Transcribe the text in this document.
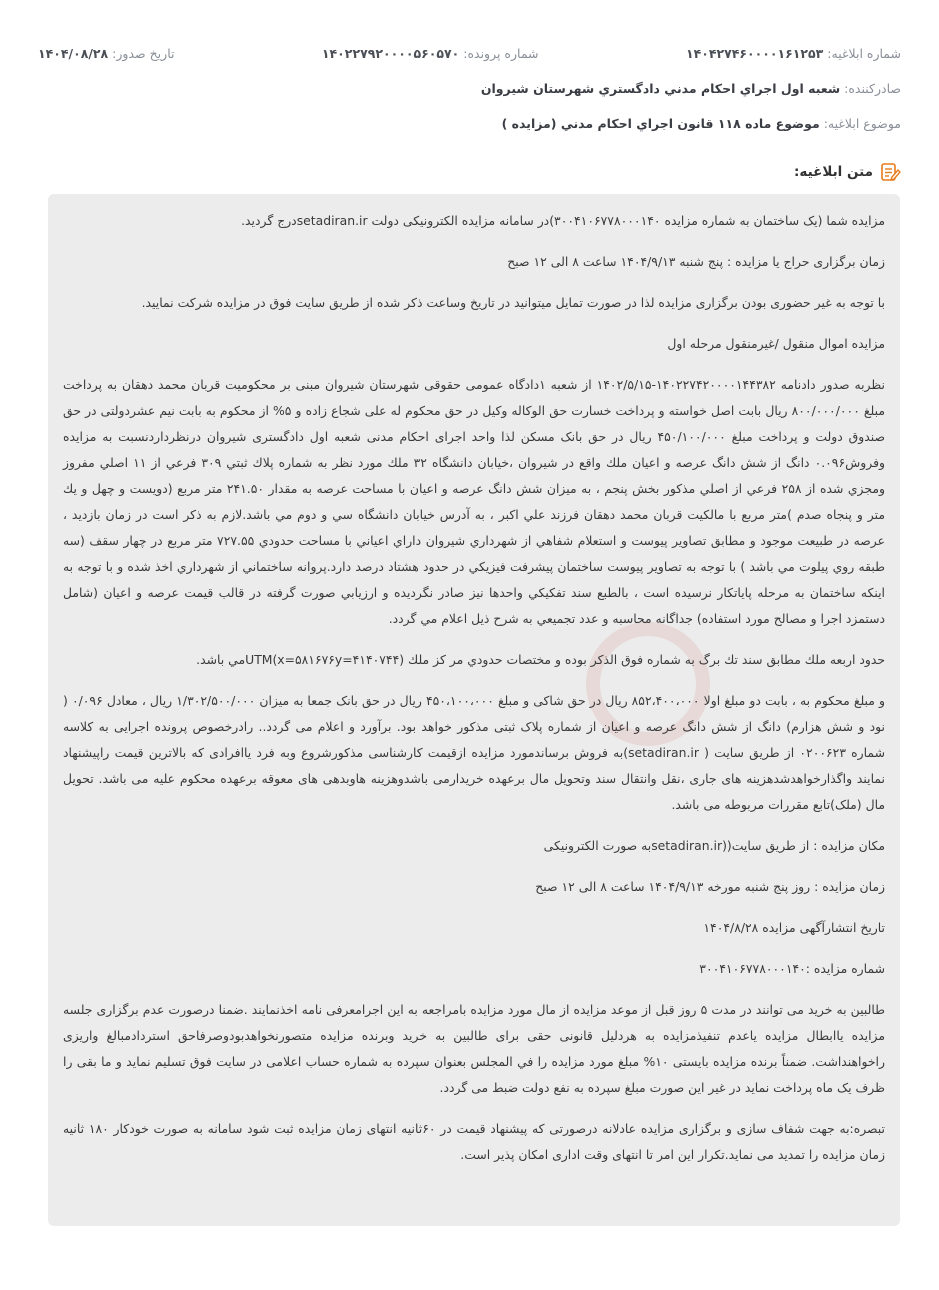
شماره ابلاغیه: ۱۴۰۴۲۷۴۶۰۰۰۰۱۶۱۲۵۳
شماره پرونده: ۱۴۰۲۲۷۹۲۰۰۰۰۵۶۰۵۷۰
تاریخ صدور: ۱۴۰۴/۰۸/۲۸
صادرکننده: شعبه اول اجراي احكام مدني دادگستري شهرستان شيروان
موضوع ابلاغیه: موضوع ماده ۱۱۸ قانون اجراي احكام مدني (مزايده )
متن ابلاغیه:

مزایده شما (یک ساختمان به شماره مزایده ۳۰۰۴۱۰۶۷۷۸۰۰۰۱۴۰)در سامانه مزایده الکترونیکی دولت setadiran.irدرج گردید.

زمان برگزاری حراج یا مزایده : پنج شنبه ۱۴۰۴/۹/۱۳ ساعت ۸ الی ۱۲ صبح

با توجه به غیر حضوری بودن برگزاری مزایده لذا در صورت تمایل میتوانید در تاریخ وساعت ذکر شده از طریق سایت فوق در مزایده شرکت نمایید.

مزایده اموال منقول /غیرمنقول مرحله اول

نظربه صدور دادنامه ۱۴۰۲۲۷۴۲۰۰۰۰۱۴۴۳۸۲-۱۴۰۲/۵/۱۵ از شعبه ۱دادگاه عمومی حقوقی شهرستان شیروان مبنی بر محکومیت قربان محمد دهقان به پرداخت مبلغ ۸۰۰/۰۰۰/۰۰۰ ریال بابت اصل خواسته و پرداخت خسارت حق الوکاله وکیل در حق محکوم له علی شجاع زاده و ۵% از محکوم به بابت نیم عشردولتی در حق صندوق دولت و پرداخت مبلغ ۴۵۰/۱۰۰/۰۰۰ ریال در حق بانک مسکن لذا واحد اجرای احکام مدنی شعبه اول دادگستری شیروان درنظرداردنسبت به مزایده وفروش۰.۰۹۶ دانگ از شش دانگ عرصه و اعیان ملك واقع در شیروان ،خیابان دانشگاه ۳۲ ملك مورد نظر به شماره پلاك ثبتي ۳۰۹ فرعي از ۱۱ اصلي مفروز ومجزي شده از ۲۵۸ فرعي از اصلي مذكور بخش پنجم ، به ميزان شش دانگ عرصه و اعيان با مساحت عرصه به مقدار ۲۴۱.۵۰ متر مربع (دويست و چهل و يك متر و پنجاه صدم )متر مربع با مالكيت قربان محمد دهقان فرزند علي اكبر ، به آدرس خيابان دانشگاه سي و دوم مي باشد.لازم به ذكر است در زمان بازديد ، عرصه در طبيعت موجود و مطابق تصاوير پيوست و استعلام شفاهي از شهرداري شيروان داراي اعياني با مساحت حدودي ۷۲۷.۵۵ متر مربع در چهار سقف (سه طبقه روي پيلوت مي باشد ) با توجه به تصاوير پيوست ساختمان پيشرفت فيزيكي در حدود هشتاد درصد دارد.پروانه ساختماني از شهرداري اخذ شده و با توجه به اينكه ساختمان به مرحله پاياتكار نرسيده است ، بالطبع سند تفكيكي واحدها نيز صادر نگرديده و ارزيابي صورت گرفته در قالب قيمت عرصه و اعيان (شامل دستمزد اجرا و مصالح مورد استفاده) جداگانه محاسبه و عدد تجميعي به شرح ذيل اعلام مي گردد.

حدود اربعه ملك مطابق سند تك برگ به شماره فوق الذكر بوده و مختصات حدودي مر كز ملك (UTM(x=۵۸۱۶۷۶y=۴۱۴۰۷۴۴مي باشد.

و مبلغ محکوم به ، بابت دو مبلغ اولا ۸۵۲،۴۰۰،۰۰۰ ریال در حق شاکی و مبلغ ۴۵۰،۱۰۰،۰۰۰ ریال در حق بانک جمعا به میزان ۱/۳۰۲/۵۰۰/۰۰۰ ریال ، معادل ۰/۰۹۶ ( نود و شش هزارم) دانگ از شش دانگ عرصه و اعیان از شماره پلاک ثبتی مذکور خواهد بود. برآورد و اعلام می گردد.. رادرخصوص پرونده اجرایی به کلاسه شماره ۰۲۰۰۶۲۳ از طریق سایت ( setadiran.ir)به فروش برساندمورد مزایده ازقیمت کارشناسی مذکورشروع وبه فرد یاافرادی که بالاترین قیمت راپیشنهاد نمایند واگذارخواهدشدهزینه های جاری ،نقل وانتقال سند وتحویل مال برعهده خریدارمی باشدوهزینه هاوبدهی های معوقه برعهده محکوم علیه می باشد. تحویل مال (ملک)تابع مقررات مربوطه می باشد.

مکان مزایده : از طریق سایت((setadiran.irبه صورت الکترونیکی

زمان مزایده : روز پنج شنبه مورخه ۱۴۰۴/۹/۱۳ ساعت ۸ الی ۱۲ صبح

تاریخ انتشارآگهی مزایده ۱۴۰۴/۸/۲۸

شماره مزایده :۳۰۰۴۱۰۶۷۷۸۰۰۰۱۴۰

طالبین به خرید می توانند در مدت ۵ روز قبل از موعد مزایده از مال مورد مزایده بامراجعه به این اجرامعرفی نامه اخذنمایند .ضمنا درصورت عدم برگزاری جلسه مزایده یاابطال مزایده یاعدم تنفیذمزایده به هردلیل قانونی حقی برای طالبین به خرید وبرنده مزایده متصورنخواهدبودوصرفاحق استردادمبالغ واریزی راخواهنداشت. ضمناً برنده مزایده بایستی ۱۰% مبلغ مورد مزایده را في المجلس بعنوان سپرده به شماره حساب اعلامی در سایت فوق تسلیم نماید و ما بقی را ظرف یک ماه پرداخت نماید در غیر این صورت مبلغ سپرده به نفع دولت ضبط می گردد.

تبصره:به جهت شفاف سازی و برگزاری مزایده عادلانه درصورتی که پیشنهاد قیمت در ۶۰ثانیه انتهای زمان مزایده ثبت شود سامانه به صورت خودکار ۱۸۰ ثانیه زمان مزایده را تمدید می نماید.تکرار این امر تا انتهای وقت اداری امکان پذیر است.
